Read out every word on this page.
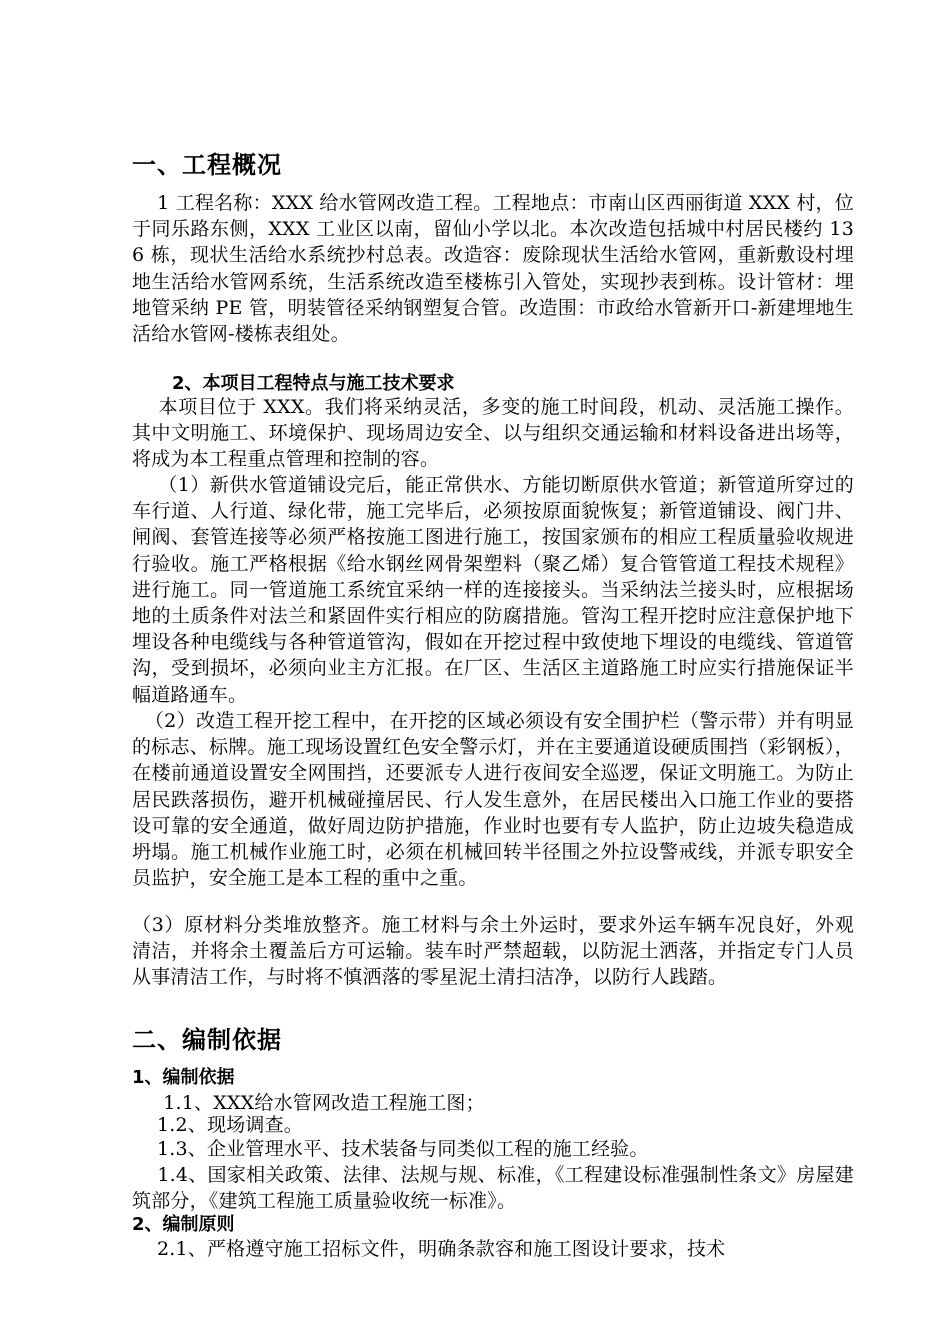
一、工程概况
1 工程名称：XXX 给水管网改造工程。工程地点：市南山区西丽街道 XXX 村，位于同乐路东侧，XXX 工业区以南，留仙小学以北。本次改造包括城中村居民楼约 136 栋，现状生活给水系统抄村总表。改造容：废除现状生活给水管网，重新敷设村埋地生活给水管网系统，生活系统改造至楼栋引入管处，实现抄表到栋。设计管材：埋地管采纳 PE 管，明装管径采纳钢塑复合管。改造围：市政给水管新开口-新建埋地生活给水管网-楼栋表组处。
2、本项目工程特点与施工技术要求
本项目位于 XXX。我们将采纳灵活，多变的施工时间段，机动、灵活施工操作。其中文明施工、环境保护、现场周边安全、以与组织交通运输和材料设备进出场等，将成为本工程重点管理和控制的容。
（1）新供水管道铺设完后，能正常供水、方能切断原供水管道；新管道所穿过的车行道、人行道、绿化带，施工完毕后，必须按原面貌恢复；新管道铺设、阀门井、闸阀、套管连接等必须严格按施工图进行施工，按国家颁布的相应工程质量验收规进行验收。施工严格根据《给水钢丝网骨架塑料（聚乙烯）复合管管道工程技术规程》进行施工。同一管道施工系统宜采纳一样的连接接头。当采纳法兰接头时，应根据场地的土质条件对法兰和紧固件实行相应的防腐措施。管沟工程开挖时应注意保护地下埋设各种电缆线与各种管道管沟，假如在开挖过程中致使地下埋设的电缆线、管道管沟，受到损坏，必须向业主方汇报。在厂区、生活区主道路施工时应实行措施保证半幅道路通车。
（2）改造工程开挖工程中，在开挖的区域必须设有安全围护栏（警示带）并有明显的标志、标牌。施工现场设置红色安全警示灯，并在主要通道设硬质围挡（彩钢板），在楼前通道设置安全网围挡，还要派专人进行夜间安全巡逻，保证文明施工。为防止居民跌落损伤，避开机械碰撞居民、行人发生意外，在居民楼出入口施工作业的要搭设可靠的安全通道，做好周边防护措施，作业时也要有专人监护，防止边坡失稳造成坍塌。施工机械作业施工时，必须在机械回转半径围之外拉设警戒线，并派专职安全员监护，安全施工是本工程的重中之重。
（3）原材料分类堆放整齐。施工材料与余土外运时，要求外运车辆车况良好，外观清洁，并将余土覆盖后方可运输。装车时严禁超载，以防泥土洒落，并指定专门人员从事清洁工作，与时将不慎洒落的零星泥土清扫洁净，以防行人践踏。
二、编制依据
1、编制依据
1.1、XXX给水管网改造工程施工图；
1.2、现场调查。
1.3、企业管理水平、技术装备与同类似工程的施工经验。
1.4、国家相关政策、法律、法规与规、标准，《工程建设标准强制性条文》房屋建筑部分，《建筑工程施工质量验收统一标准》。
2、编制原则
2.1、严格遵守施工招标文件，明确条款容和施工图设计要求，技术
